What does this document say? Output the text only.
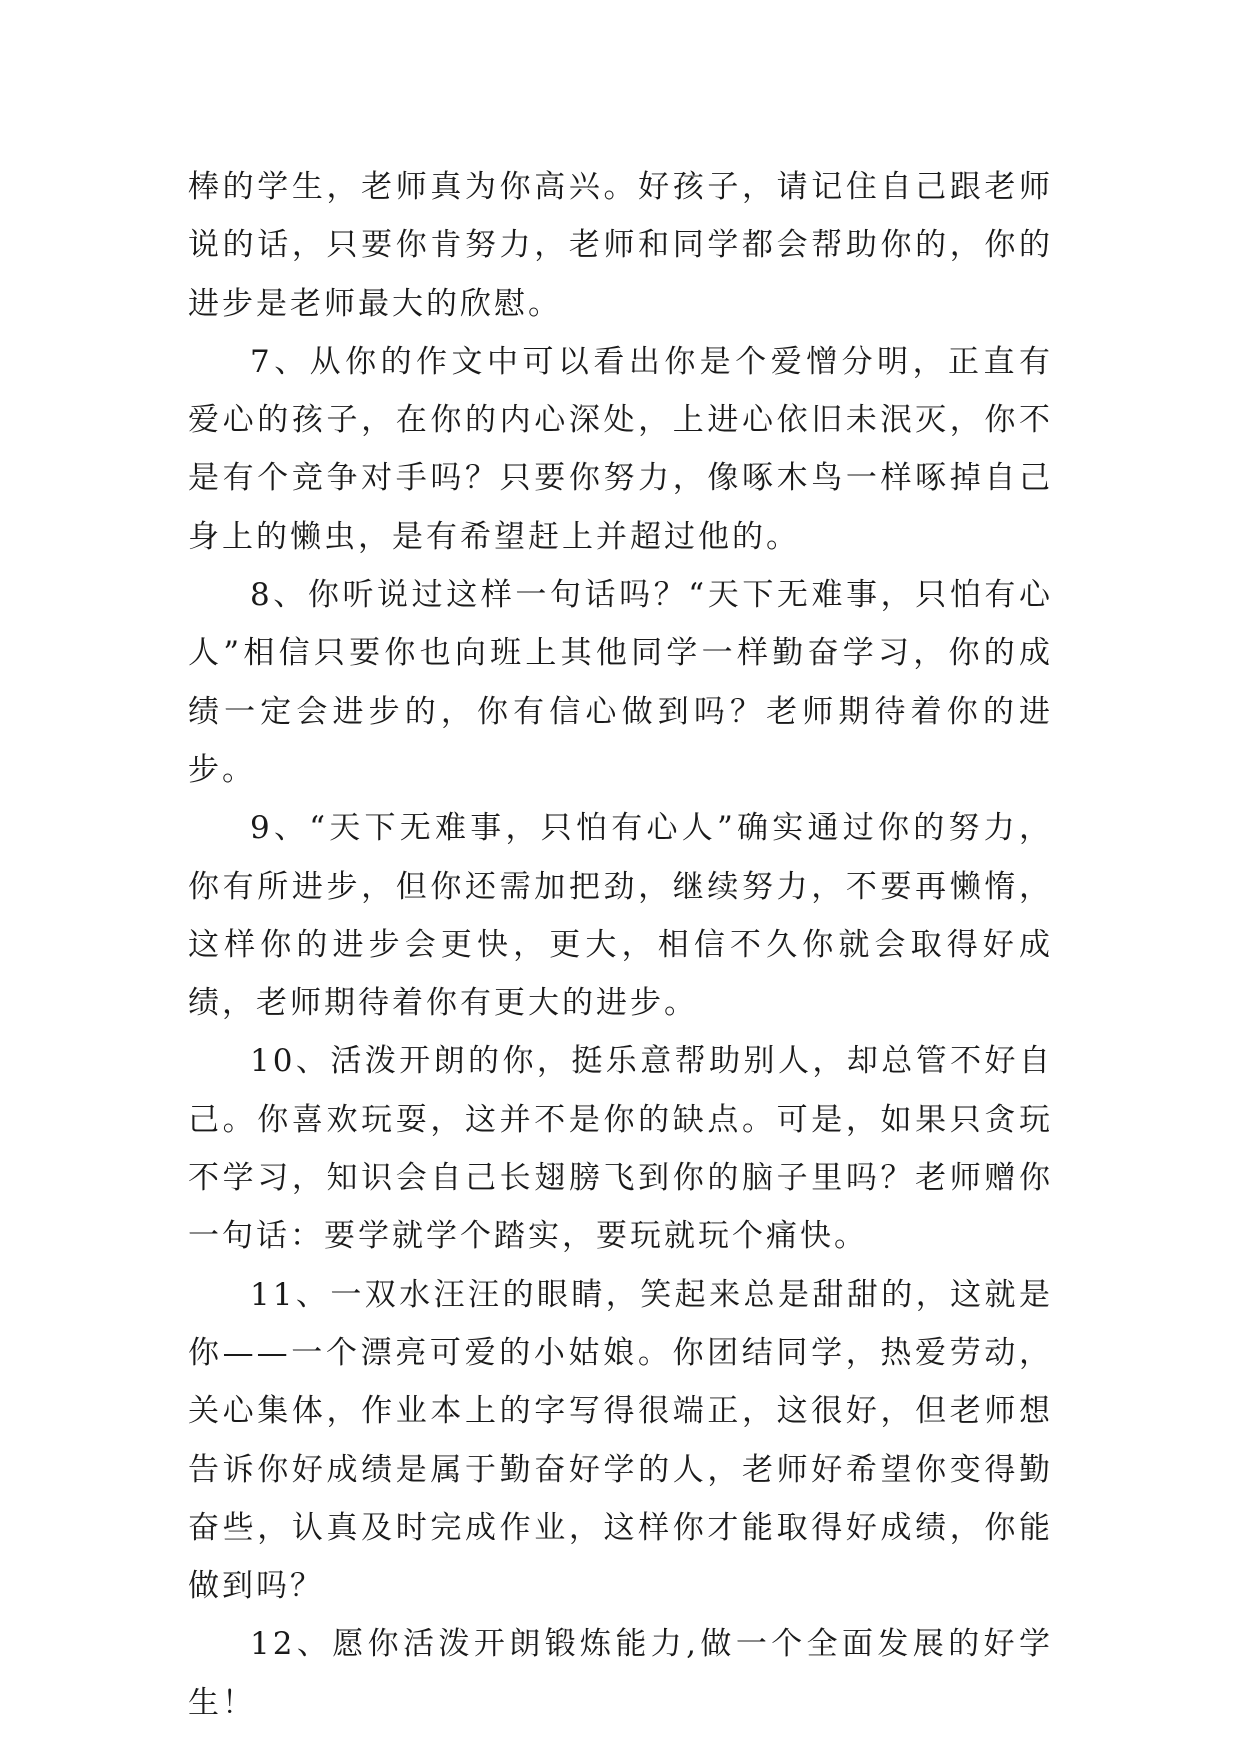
棒的学生，老师真为你高兴。好孩子，请记住自己跟老师说的话，只要你肯努力，老师和同学都会帮助你的，你的进步是老师最大的欣慰。

7、从你的作文中可以看出你是个爱憎分明，正直有爱心的孩子，在你的内心深处，上进心依旧未泯灭，你不是有个竞争对手吗？只要你努力，像啄木鸟一样啄掉自己身上的懒虫，是有希望赶上并超过他的。

8、你听说过这样一句话吗？“天下无难事，只怕有心人”相信只要你也向班上其他同学一样勤奋学习，你的成绩一定会进步的，你有信心做到吗？老师期待着你的进步。

9、“天下无难事，只怕有心人”确实通过你的努力，你有所进步，但你还需加把劲，继续努力，不要再懒惰，这样你的进步会更快，更大，相信不久你就会取得好成绩，老师期待着你有更大的进步。

10、活泼开朗的你，挺乐意帮助别人，却总管不好自己。你喜欢玩耍，这并不是你的缺点。可是，如果只贪玩不学习，知识会自己长翅膀飞到你的脑子里吗？老师赠你一句话：要学就学个踏实，要玩就玩个痛快。

11、一双水汪汪的眼睛，笑起来总是甜甜的，这就是你——一个漂亮可爱的小姑娘。你团结同学，热爱劳动，关心集体，作业本上的字写得很端正，这很好，但老师想告诉你好成绩是属于勤奋好学的人，老师好希望你变得勤奋些，认真及时完成作业，这样你才能取得好成绩，你能做到吗？

12、愿你活泼开朗锻炼能力,做一个全面发展的好学生！
